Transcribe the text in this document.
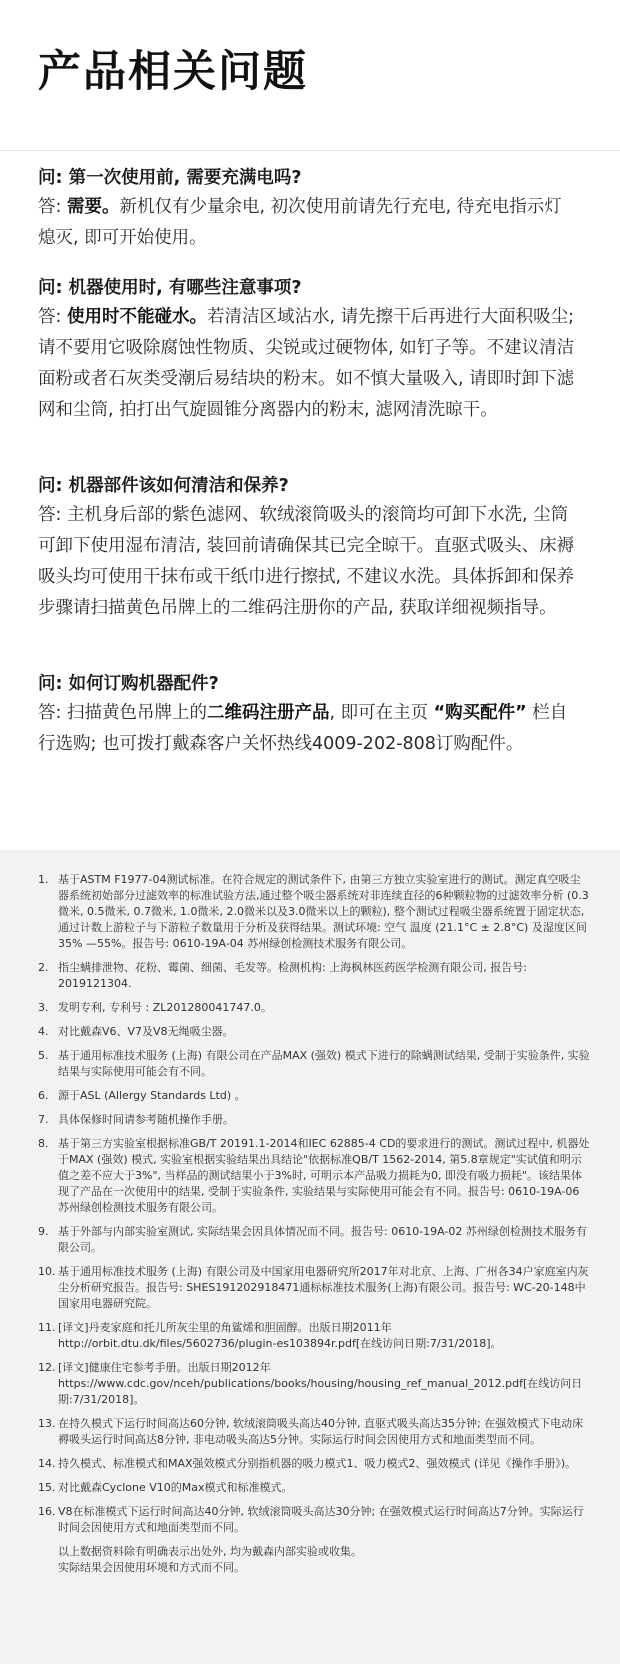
产品相关问题

问: 第一次使用前, 需要充满电吗?

答: 需要。新机仅有少量余电, 初次使用前请先行充电, 待充电指示灯熄灭, 即可开始使用。

问: 机器使用时, 有哪些注意事项?

答: 使用时不能碰水。若清洁区域沾水, 请先擦干后再进行大面积吸尘; 请不要用它吸除腐蚀性物质、尖锐或过硬物体, 如钉子等。不建议清洁面粉或者石灰类受潮后易结块的粉末。如不慎大量吸入, 请即时卸下滤网和尘筒, 拍打出气旋圆锥分离器内的粉末, 滤网清洗晾干。

问: 机器部件该如何清洁和保养?

答: 主机身后部的紫色滤网、软绒滚筒吸头的滚筒均可卸下水洗, 尘筒可卸下使用湿布清洁, 装回前请确保其已完全晾干。直驱式吸头、床褥吸头均可使用干抹布或干纸巾进行擦拭, 不建议水洗。具体拆卸和保养步骤请扫描黄色吊牌上的二维码注册你的产品, 获取详细视频指导。

问: 如何订购机器配件?

答: 扫描黄色吊牌上的二维码注册产品, 即可在主页 “购买配件” 栏自行选购; 也可拨打戴森客户关怀热线4009-202-808订购配件。

1. 基于ASTM F1977-04测试标准。在符合规定的测试条件下, 由第三方独立实验室进行的测试。测定真空吸尘器系统初始部分过滤效率的标准试验方法,通过整个吸尘器系统对非连续直径的6种颗粒物的过滤效率分析 (0.3微米, 0.5微米, 0.7微米, 1.0微米, 2.0微米以及3.0微米以上的颗粒), 整个测试过程吸尘器系统置于固定状态, 通过计数上游粒子与下游粒子数量用于分析及获得结果。测试环境: 空气 温度 (21.1°C ± 2.8°C) 及湿度区间35% —55%。报告号: 0610-19A-04 苏州绿创检测技术服务有限公司。
2. 指尘螨排泄物、花粉、霉菌、细菌、毛发等。检测机构: 上海枫林医药医学检测有限公司, 报告号: 2019121304.
3. 发明专利, 专利号 : ZL201280041747.0。
4. 对比戴森V6、V7及V8无绳吸尘器。
5. 基于通用标准技术服务 (上海) 有限公司在产品MAX (强效) 模式下进行的除螨测试结果, 受制于实验条件, 实验结果与实际使用可能会有不同。
6. 源于ASL (Allergy Standards Ltd) 。
7. 具体保修时间请参考随机操作手册。
8. 基于第三方实验室根据标准GB/T 20191.1-2014和IEC 62885-4 CD的要求进行的测试。测试过程中, 机器处于MAX (强效) 模式, 实验室根据实验结果出具结论"依据标准QB/T 1562-2014, 第5.8章规定"实试值和明示值之差不应大于3%", 当样品的测试结果小于3%时, 可明示本产品吸力损耗为0, 即没有吸力损耗"。该结果体现了产品在一次使用中的结果, 受制于实验条件, 实验结果与实际使用可能会有不同。报告号: 0610-19A-06 苏州绿创检测技术服务有限公司。
9. 基于外部与内部实验室测试, 实际结果会因具体情况而不同。报告号: 0610-19A-02 苏州绿创检测技术服务有限公司。
10. 基于通用标准技术服务 (上海) 有限公司及中国家用电器研究所2017年对北京、上海、广州各34户家庭室内灰尘分析研究报告。报告号: SHES191202918471通标标准技术服务(上海)有限公司。报告号: WC-20-148中国家用电器研究院。
11. [译文]丹麦家庭和托儿所灰尘里的角鲨烯和胆固醇。出版日期2011年http://orbit.dtu.dk/files/5602736/plugin-es103894r.pdf[在线访问日期:7/31/2018]。
12. [译文]健康住宅参考手册。出版日期2012年https://www.cdc.gov/nceh/publications/books/housing/housing_ref_manual_2012.pdf[在线访问日期:7/31/2018]。
13. 在持久模式下运行时间高达60分钟, 软绒滚筒吸头高达40分钟, 直驱式吸头高达35分钟; 在强效模式下电动床褥吸头运行时间高达8分钟, 非电动吸头高达5分钟。实际运行时间会因使用方式和地面类型而不同。
14. 持久模式、标准模式和MAX强效模式分别指机器的吸力模式1、吸力模式2、强效模式 (详见《操作手册》)。
15. 对比戴森Cyclone V10的Max模式和标准模式。
16. V8在标准模式下运行时间高达40分钟, 软绒滚筒吸头高达30分钟; 在强效模式运行时间高达7分钟。实际运行时间会因使用方式和地面类型而不同。
以上数据资料除有明确表示出处外, 均为戴森内部实验或收集。
实际结果会因使用环境和方式而不同。
